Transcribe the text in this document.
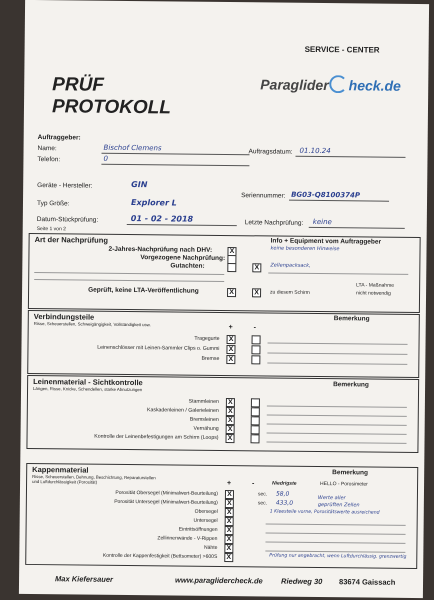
SERVICE - CENTER
PRÜF
PROTOKOLL
Paraglider heck.de
Auftraggeber:
Name:	Bischof Clemens	Auftragsdatum: 01.10.24
Telefon:	0
Geräte - Hersteller:	GIN
Seriennummer: BG03-Q8100374P
Typ Größe:	Explorer L
Datum-Stückprüfung:	01 - 02 - 2018	Letzte Nachprüfung: keine
Seite 1 von 2
Art der Nachprüfung	Info + Equipment vom Auftraggeber
2-Jahres-Nachprüfung nach DHV:	X	keine besonderen Hinweise
Vorgezogene Nachprüfung:
Gutachten:	X	Zellenpacksack,
Geprüft, keine LTA-Veröffentlichung	X	X	zu diesem Schirm
LTA - Maßnahme
nicht notwendig
Verbindungsteile
Risse, Scheuerstellen, Schweigängigkeit, Vollständigkeit usw.
Bemerkung
+	-
Tragegurte	X
Leinenschlösser mit Leinen-Sammler Clips o. Gummi	X
Bremse	X
Leinenmaterial - Sichtkontrolle
Längen, Risse, Knicke, Schendellen, starke Abnutzungen
Bemerkung
Stammleinen	X
Kaskadenleinen / Galerieleinen	X
Bremsleinen	X
Vernähung	X
Kontrolle der Leinenbefestigungen am Schirm (Loops)	X
Kappenmaterial
Risse, Scheuerstellen, Dehnung, Beschichtung, Reparaturstellen
und Luftdurchlässigkeit (Porosität)
Bemerkung
+	-	Niedrigste	HELLO - Porosimeter
Porosität Obersegel (Minimalwert-Beurteilung)	X	sec. 58,0
Werte aller
Porosität Untersegel (Minimalwert-Beurteilung)	X	sec. 433,0	geprüften Zellen
Obersegel	X	1 Kleesteile vorne, Porositätswerte ausreichend
Untersegel	X
Eintrittsöffnungen	X
Zellinnenwände - V-Rippen	X
Nähte	X
Kontrolle der Kappenfestigkeit (Bettsometer) >600S	X	Prüfung nur angebracht, wenn Luftdurchlässig. grenzwertig
Max Kiefersauer	www.paraglidercheck.de Riedweg 30 83674 Gaissach
